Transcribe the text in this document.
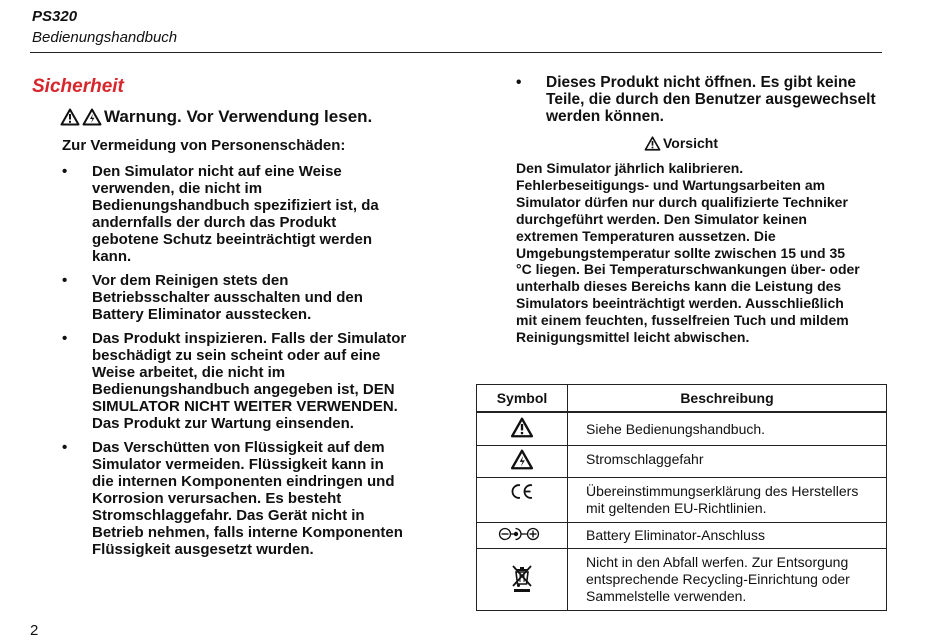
PS320
Bedienungshandbuch
Sicherheit
Warnung. Vor Verwendung lesen.
Zur Vermeidung von Personenschäden:
• Den Simulator nicht auf eine Weise verwenden, die nicht im Bedienungshandbuch spezifiziert ist, da andernfalls der durch das Produkt gebotene Schutz beeinträchtigt werden kann.
• Vor dem Reinigen stets den Betriebsschalter ausschalten und den Battery Eliminator ausstecken.
• Das Produkt inspizieren. Falls der Simulator beschädigt zu sein scheint oder auf eine Weise arbeitet, die nicht im Bedienungshandbuch angegeben ist, DEN SIMULATOR NICHT WEITER VERWENDEN. Das Produkt zur Wartung einsenden.
• Das Verschütten von Flüssigkeit auf dem Simulator vermeiden. Flüssigkeit kann in die internen Komponenten eindringen und Korrosion verursachen. Es besteht Stromschlaggefahr. Das Gerät nicht in Betrieb nehmen, falls interne Komponenten Flüssigkeit ausgesetzt wurden.
• Dieses Produkt nicht öffnen. Es gibt keine Teile, die durch den Benutzer ausgewechselt werden können.
Vorsicht
Den Simulator jährlich kalibrieren. Fehlerbeseitigungs- und Wartungsarbeiten am Simulator dürfen nur durch qualifizierte Techniker durchgeführt werden. Den Simulator keinen extremen Temperaturen aussetzen. Die Umgebungstemperatur sollte zwischen 15 und 35 °C liegen. Bei Temperaturschwankungen über- oder unterhalb dieses Bereichs kann die Leistung des Simulators beeinträchtigt werden. Ausschließlich mit einem feuchten, fusselfreien Tuch und mildem Reinigungsmittel leicht abwischen.
Symbol	Beschreibung
	Siehe Bedienungshandbuch.
	Stromschlaggefahr
	Übereinstimmungserklärung des Herstellers mit geltenden EU-Richtlinien.
	Battery Eliminator-Anschluss
	Nicht in den Abfall werfen. Zur Entsorgung entsprechende Recycling-Einrichtung oder Sammelstelle verwenden.
2
